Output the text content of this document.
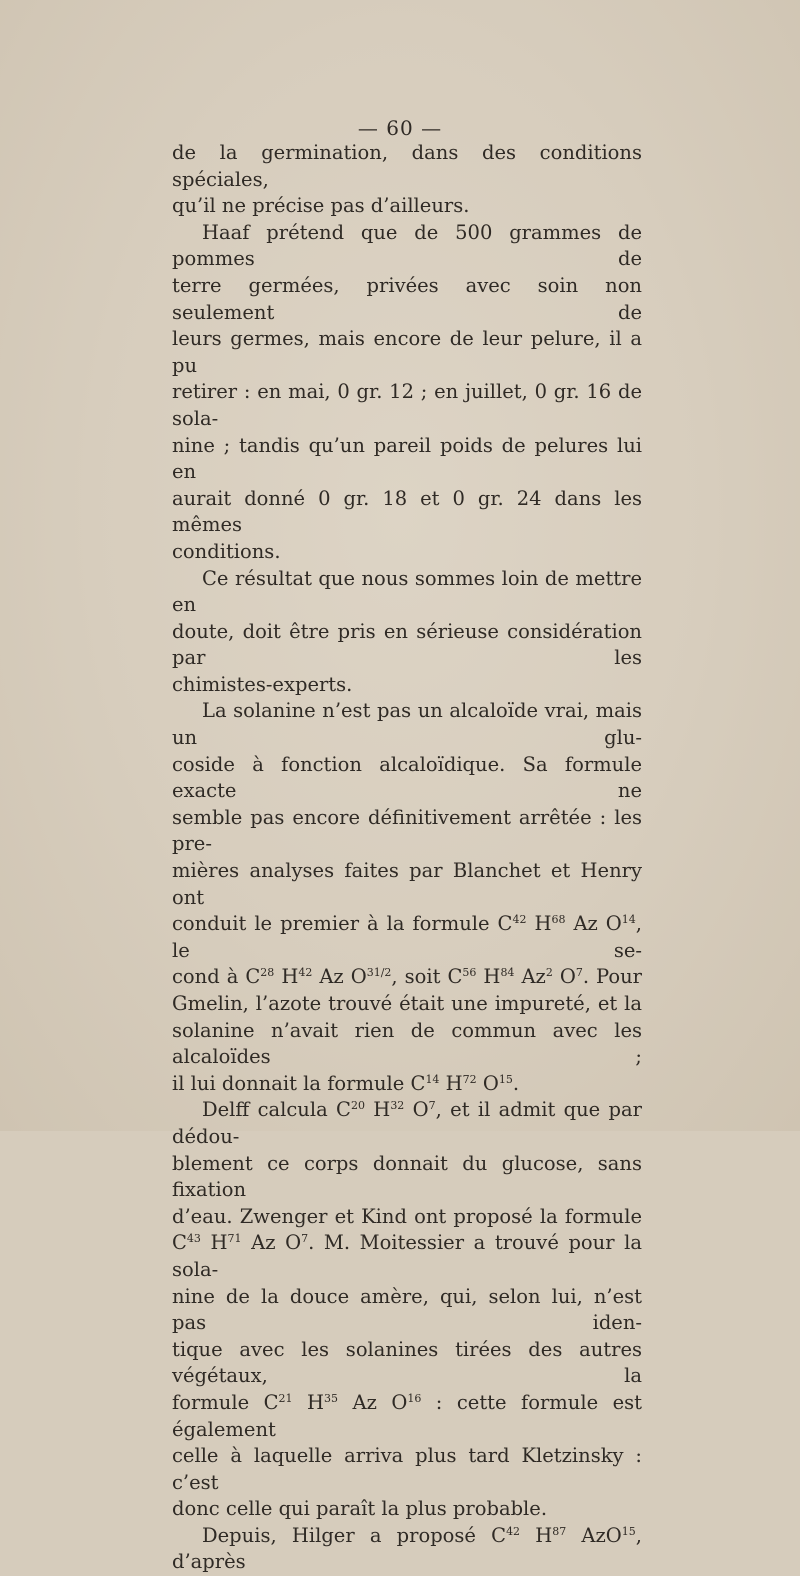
— 60 —

de la germination, dans des conditions spéciales,

qu’il ne précise pas d’ailleurs.

Haaf prétend que de 500 grammes de pommes de

terre germées, privées avec soin non seulement de

leurs germes, mais encore de leur pelure, il a pu

retirer : en mai, 0 gr. 12 ; en juillet, 0 gr. 16 de sola-

nine ; tandis qu’un pareil poids de pelures lui en

aurait donné 0 gr. 18 et 0 gr. 24 dans les mêmes

conditions.

Ce résultat que nous sommes loin de mettre en

doute, doit être pris en sérieuse considération par les

chimistes-experts.

La solanine n’est pas un alcaloïde vrai, mais un glu-

coside à fonction alcaloïdique. Sa formule exacte ne

semble pas encore définitivement arrêtée : les pre-

mières analyses faites par Blanchet et Henry ont

conduit le premier à la formule $C^{42}$ $H^{68}$ Az $O^{14}$, le se-

cond à $C^{28}$ $H^{42}$ Az $O^{31/2}$, soit $C^{56}$ $H^{84}$ Az$^2$ $O^7$. Pour

Gmelin, l’azote trouvé était une impureté, et la

solanine n’avait rien de commun avec les alcaloïdes ;

il lui donnait la formule $C^{14}$ $H^{72}$ $O^{15}$.

Delff calcula $C^{20}$ $H^{32}$ $O^7$, et il admit que par dédou-

blement ce corps donnait du glucose, sans fixation

d’eau. Zwenger et Kind ont proposé la formule

$C^{43}$ $H^{71}$ Az $O^7$. M. Moitessier a trouvé pour la sola-

nine de la douce amère, qui, selon lui, n’est pas iden-

tique avec les solanines tirées des autres végétaux, la

formule $C^{21}$ $H^{35}$ Az $O^{16}$ : cette formule est également

celle à laquelle arriva plus tard Kletzinsky : c’est

donc celle qui paraît la plus probable.

Depuis, Hilger a proposé $C^{42}$ $H^{87}$ AzO$^{15}$, d’après
